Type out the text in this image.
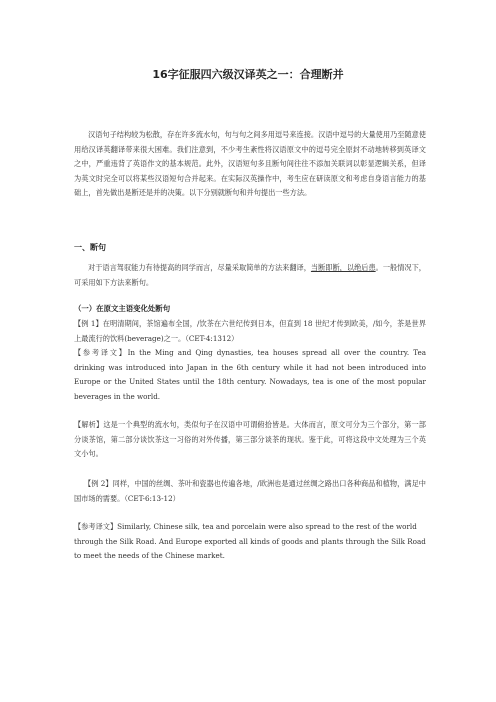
16字征服四六级汉译英之一：合理断并

汉语句子结构较为松散，存在许多流水句，句与句之间多用逗号来连接。汉语中逗号的大量使用乃至随意使用给汉译英翻译带来很大困难。我们注意到，不少考生紊性将汉语原文中的逗号完全原封不动地转移到英译文之中，严重违背了英语作文的基本规范。此外，汉语短句多且断句间往往不添加关联词以彰显逻辑关系，但译为英文时完全可以将某些汉语短句合并起来。在实际汉英操作中，考生应在研读原文和考虑自身语言能力的基础上，首先做出是断还是并的决策。以下分别就断句和并句提出一些方法。

一、断句

对于语言驾驭能力有待提高的同学而言，尽量采取简单的方法来翻译，当断即断，以绝后患。一般情况下，可采用如下方法来断句。

（一）在原文主语变化处断句

【例 1】在明清期间，茶馆遍布全国，/饮茶在六世纪传到日本，但直到 18 世纪才传到欧美，/如今，茶是世界上最流行的饮料(beverage)之一。（CET-4:1312）

【参考译文】In the Ming and Qing dynasties, tea houses spread all over the country. Tea drinking was introduced into Japan in the 6th century while it had not been introduced into Europe or the United States until the 18th century. Nowadays, tea is one of the most popular beverages in the world.

【解析】这是一个典型的流水句，类似句子在汉语中可谓俯拾皆是。大体而言，原文可分为三个部分，第一部分谈茶馆，第二部分谈饮茶这一习俗的对外传播，第三部分谈茶的现状。鉴于此，可将这段中文处理为三个英文小句。

【例 2】同样，中国的丝绸、茶叶和瓷器也传遍各地，/欧洲也是通过丝绸之路出口各种商品和植物，满足中国市场的需要。（CET-6:13-12）

【参考译文】Similarly, Chinese silk, tea and porcelain were also spread to the rest of the world
through the Silk Road. And Europe exported all kinds of goods and plants through the Silk Road
to meet the needs of the Chinese market.
